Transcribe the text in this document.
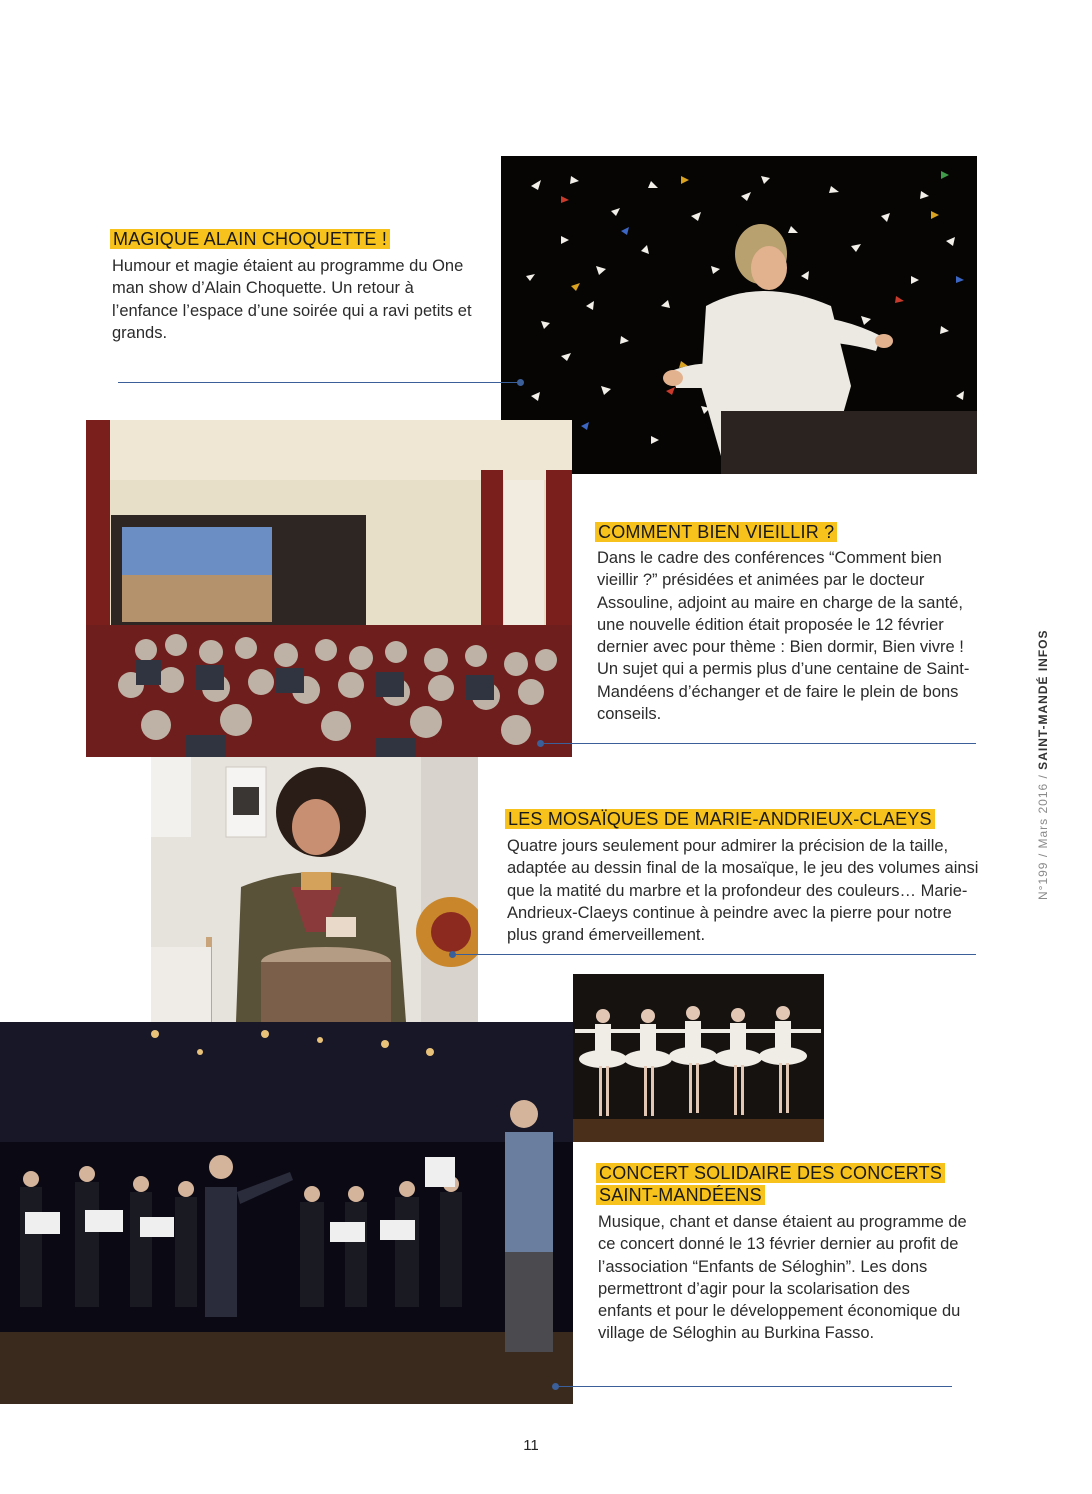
MAGIQUE ALAIN CHOQUETTE !
Humour et magie étaient au programme du One man show d’Alain Choquette. Un retour à l’enfance l’espace d’une soirée qui a ravi petits et grands.
COMMENT BIEN VIEILLIR ?
Dans le cadre des conférences “Comment bien vieillir ?” présidées et animées par le docteur Assouline, adjoint au maire en charge de la santé, une nouvelle édition était proposée le 12 février dernier avec pour thème : Bien dormir, Bien vivre ! Un sujet qui a permis plus d’une centaine de Saint-Mandéens d’échanger et de faire le plein de bons conseils.
LES MOSAÏQUES DE MARIE-ANDRIEUX-CLAEYS
Quatre jours seulement pour admirer la précision de la taille, adaptée au dessin final de la mosaïque, le jeu des volumes ainsi que la matité du marbre et la profondeur des couleurs… Marie-Andrieux-Claeys continue à peindre avec la pierre pour notre plus grand émerveillement.
CONCERT SOLIDAIRE DES CONCERTS
SAINT-MANDÉENS
Musique, chant et danse étaient au programme de ce concert donné le 13 février dernier au profit de l’association “Enfants de Séloghin”. Les dons permettront d’agir pour la scolarisation des enfants et pour le développement économique du village de Séloghin au Burkina Fasso.
N°199 / Mars 2016 / SAINT-MANDÉ INFOS
11
